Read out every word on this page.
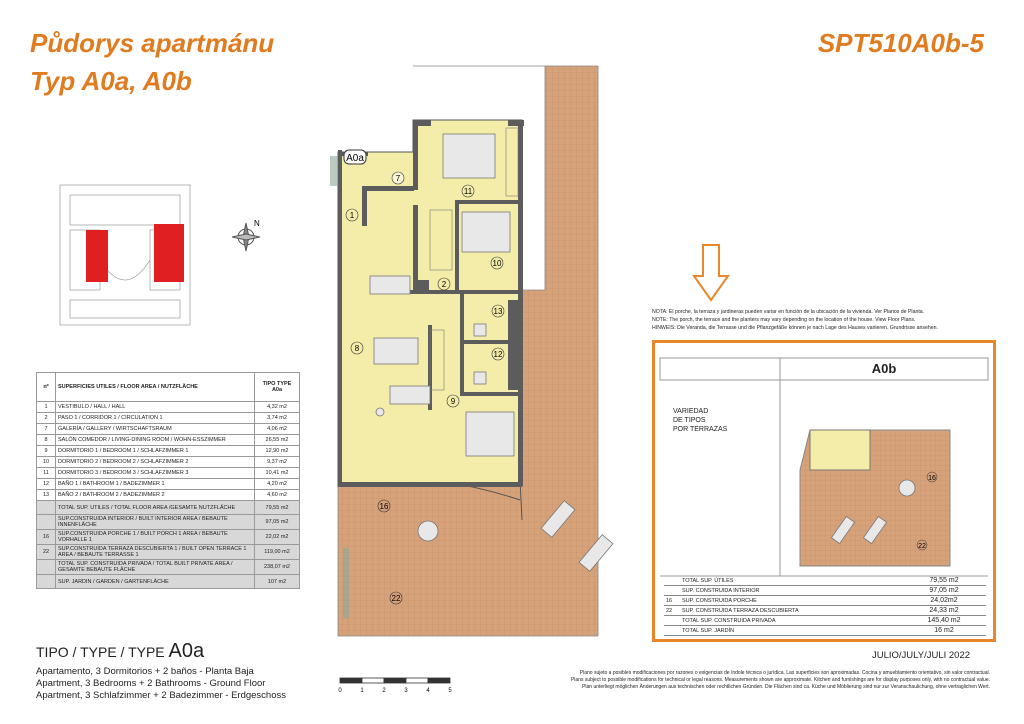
Půdorys apartmánu
Typ A0a, A0b
SPT510A0b-5
A0a
7
11
1
10
2
13
12
8
9
16
22
N
16
22
A0b
VARIEDAD
DE TIPOS
POR TERRAZAS
	TOTAL SUP. ÚTILES	79,55 m2
	SUP. CONSTRUIDA INTERIOR	97,05 m2
16	SUP. CONSTRUIDA PORCHE	24,02m2
22	SUP. CONSTRUIDA TERRAZA DESCUBIERTA	24,33 m2
	TOTAL SUP. CONSTRUIDA PRIVADA	145,40 m2
	TOTAL SUP. JARDÍN	16 m2
NOTA: El porche, la terraza y jardineras pueden variar en función de la ubicación de la vivienda. Ver Planos de Planta.
NOTE: The porch, the terrace and the planters may vary depending on the location of the house. View Floor Plans.
HINWEIS: Die Veranda, die Terrasse und die Pflanzgefäße können je nach Lage des Hauses variieren. Grundrisse ansehen.
nº	SUPERFICIES UTILES / FLOOR AREA / NUTZFLÄCHE	TIPO TYPE A0a
1	VESTIBULO / HALL / HALL	4,32 m2
2	PASO 1 / CORRIDOR 1 / CIRCULATION 1	3,74 m2
7	GALERÍA / GALLERY / WIRTSCHAFTSRAUM	4,06 m2
8	SALÓN COMEDOR / LIVING-DINING ROOM / WOHN-ESSZIMMER	26,55 m2
9	DORMITORIO 1 / BEDROOM 1 / SCHLAFZIMMER 1	12,90 m2
10	DORMITORIO 2 / BEDROOM 2 / SCHLAFZIMMER 2	9,37 m2
11	DORMITORIO 3 / BEDROOM 3 / SCHLAFZIMMER 3	10,41 m2
12	BAÑO 1 / BATHROOM 1 / BADEZIMMER 1	4,20 m2
13	BAÑO 2 / BATHROOM 2 / BADEZIMMER 2	4,60 m2
	TOTAL SUP. UTILES / TOTAL FLOOR AREA /GESAMTE NUTZFLÄCHE	79,55 m2
	SUP.CONSTRUIDA INTERIOR / BUILT INTERIOR AREA / BEBAUTE INNENFLÄCHE	97,05 m2
16	SUP.CONSTRUIDA PORCHE 1 / BUILT PORCH 1 AREA / BEBAUTE VORHALLE 1	22,02 m2
22	SUP.CONSTRUIDA TERRAZA DESCUBIERTA 1 / BUILT OPEN TERRACE 1 AREA / BEBAUTE TERRASSE 1	119,00 m2
	TOTAL SUP. CONSTRUIDA PRIVADA / TOTAL BUILT PRIVATE AREA / GESAMTE BEBAUTE FLÄCHE	238,07 m2
	SUP. JARDIN / GARDEN / GARTENFLÄCHE	107 m2
TIPO / TYPE / TYPE A0a
Apartamento, 3 Dormitorios + 2 baños - Planta Baja
Apartment, 3 Bedrooms + 2 Bathrooms - Ground Floor
Apartment, 3 Schlafzimmer + 2 Badezimmer - Erdgeschoss	0	1	2	3	4	5
JULIO/JULY/JULI 2022
Plano sujeto a posibles modificaciones por razones o exigencias de índole técnica o jurídica. Las superficies son aproximadas. Cocina y amueblamiento orientativo, sin valor contractual.
Plans subject to possible modifications for technical or legal reasons. Measurements shown are approximate. Kitchen and furnishings are for display purposes only, with no contractual value.
Plan unterliegt möglichen Änderungen aus technischen oder rechtlichen Gründen. Die Flächen sind ca. Küche und Möblierung sind nur zur Veranschaulichung, ohne vertraglichen Wert.
